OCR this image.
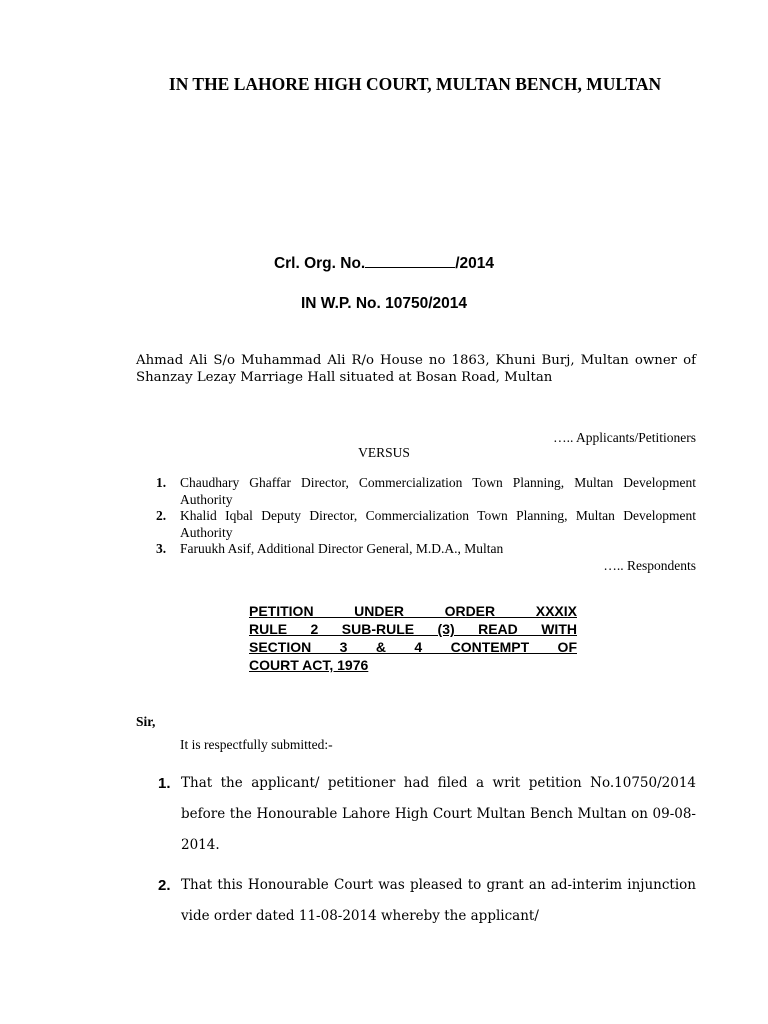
IN THE LAHORE HIGH COURT, MULTAN BENCH, MULTAN
Crl. Org. No.	/2014
IN W.P. No. 10750/2014
Ahmad Ali S/o Muhammad Ali R/o House no 1863, Khuni Burj, Multan owner of Shanzay Lezay Marriage Hall situated at Bosan Road, Multan
….. Applicants/Petitioners
VERSUS
1. Chaudhary Ghaffar Director, Commercialization Town Planning, Multan Development Authority
2. Khalid Iqbal Deputy Director, Commercialization Town Planning, Multan Development Authority
3. Faruukh Asif, Additional Director General, M.D.A., Multan
….. Respondents
PETITION UNDER ORDER XXXIX
RULE 2 SUB-RULE (3) READ WITH
SECTION 3 & 4 CONTEMPT OF
COURT ACT, 1976
Sir,
It is respectfully submitted:-
1. That the applicant/ petitioner had filed a writ petition No.10750/2014 before the Honourable Lahore High Court Multan Bench Multan on 09-08-2014.
2. That this Honourable Court was pleased to grant an ad-interim injunction vide order dated 11-08-2014 whereby the applicant/
